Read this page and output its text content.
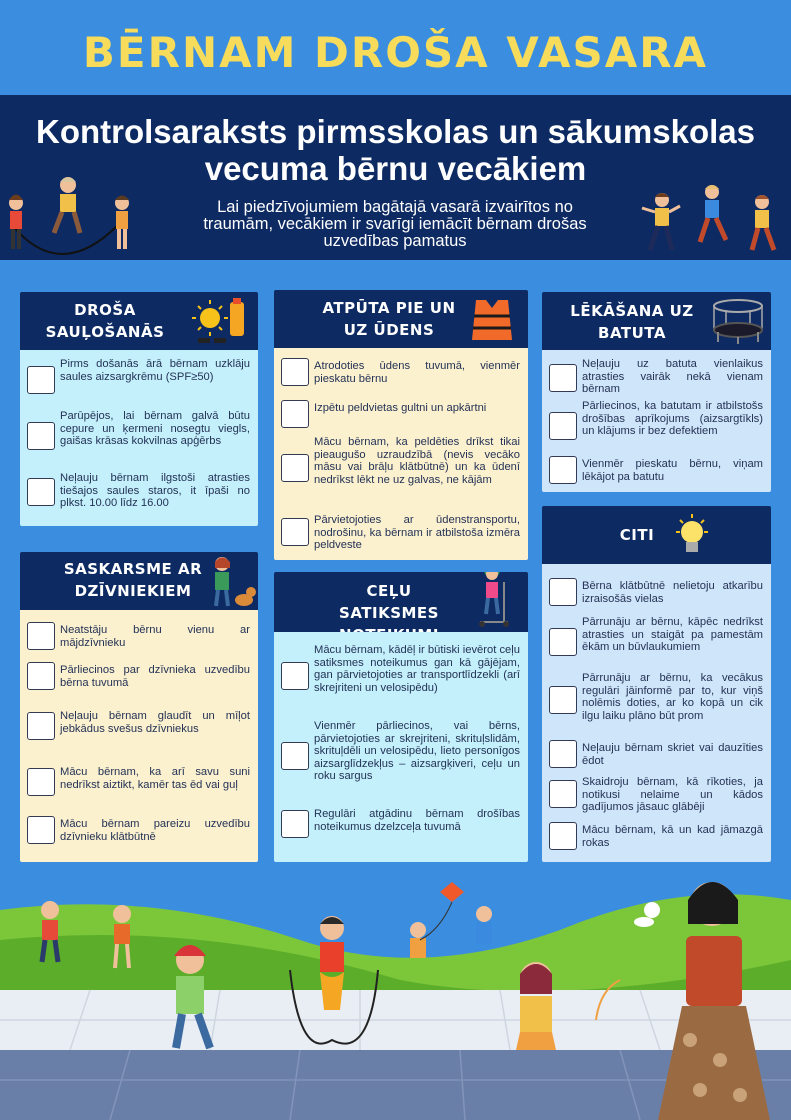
BĒRNAM DROŠA VASARA
Kontrolsaraksts pirmsskolas un sākumskolas
vecuma bērnu vecākiem
Lai piedzīvojumiem bagātajā vasarā izvairītos no
traumām, vecākiem ir svarīgi iemācīt bērnam drošas
uzvedības pamatus
DROŠA
SAUĻOŠANĀS
Pirms došanās ārā bērnam uzklāju saules aizsargkrēmu (SPF≥50)
Parūpējos, lai bērnam galvā būtu cepure un ķermeni nosegtu viegls, gaišas krāsas kokvilnas apģērbs
Neļauju bērnam ilgstoši atrasties tiešajos saules staros, it īpaši no plkst. 10.00 līdz 16.00
ATPŪTA PIE UN
UZ ŪDENS
Atrodoties ūdens tuvumā, vienmēr pieskatu bērnu
Izpētu peldvietas gultni un apkārtni
Mācu bērnam, ka peldēties drīkst tikai pieaugušo uzraudzībā (nevis vecāko māsu vai brāļu klātbūtnē) un ka ūdenī nedrīkst lēkt ne uz galvas, ne kājām
Pārvietojoties ar ūdenstransportu, nodrošinu, ka bērnam ir atbilstoša izmēra peldveste
LĒKĀŠANA UZ
BATUTA
Neļauju uz batuta vienlaikus atrasties vairāk nekā vienam bērnam
Pārliecinos, ka batutam ir atbilstošs drošības aprīkojums (aizsargtīkls) un klājums ir bez defektiem
Vienmēr pieskatu bērnu, viņam lēkājot pa batutu
SASKARSME AR
DZĪVNIEKIEM
Neatstāju bērnu vienu ar mājdzīvnieku
Pārliecinos par dzīvnieka uzvedību bērna tuvumā
Neļauju bērnam glaudīt un mīļot jebkādus svešus dzīvniekus
Mācu bērnam, ka arī savu suni nedrīkst aiztikt, kamēr tas ēd vai guļ
Mācu bērnam pareizu uzvedību dzīvnieku klātbūtnē
CEĻU SATIKSMES
Mācu bērnam, kādēļ ir būtiski ievērot ceļu satiksmes noteikumus gan kā gājējam, gan pārvietojoties ar transportlīdzekli (arī skrejriteni un velosipēdu)
Vienmēr pārliecinos, vai bērns, pārvietojoties ar skrejriteni, skrituļslidām, skrituļdēli un velosipēdu, lieto personīgos aizsarglīdzekļus – aizsargķiveri, ceļu un roku sargus
Regulāri atgādinu bērnam drošības noteikumus dzelzceļa tuvumā
CITI
Bērna klātbūtnē nelietoju atkarību izraisošās vielas
Pārrunāju ar bērnu, kāpēc nedrīkst atrasties un staigāt pa pamestām ēkām un būvlaukumiem
Pārrunāju ar bērnu, ka vecākus regulāri jāinformē par to, kur viņš nolēmis doties, ar ko kopā un cik ilgu laiku plāno būt prom
Neļauju bērnam skriet vai dauzīties ēdot
Skaidroju bērnam, kā rīkoties, ja notikusi nelaime un kādos gadījumos jāsauc glābēji
Mācu bērnam, kā un kad jāmazgā rokas
